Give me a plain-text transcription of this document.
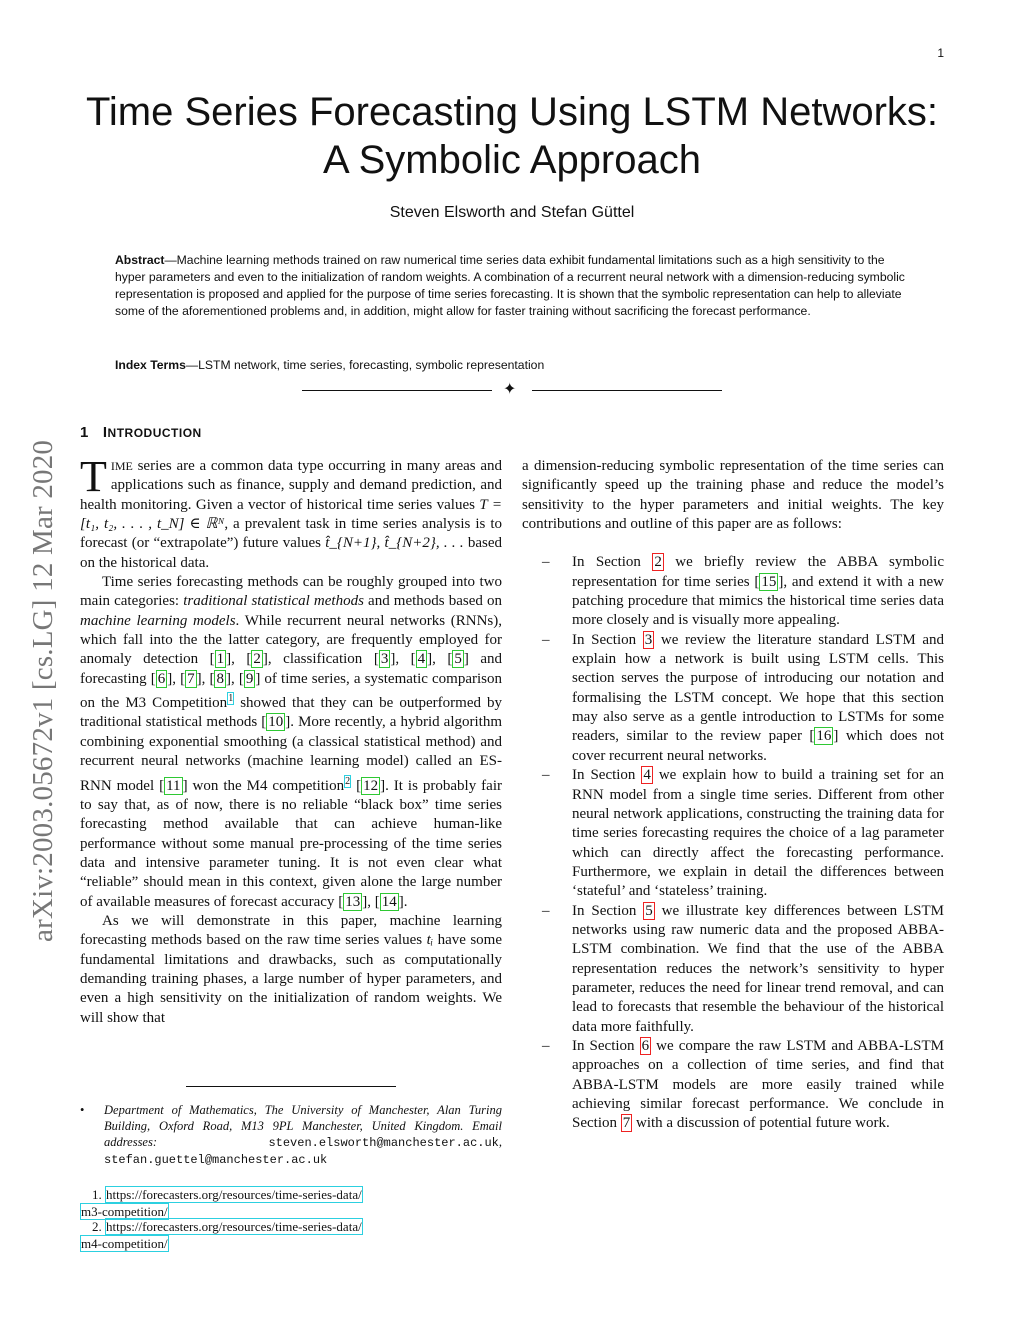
1
Time Series Forecasting Using LSTM Networks:
A Symbolic Approach
Steven Elsworth and Stefan Güttel
Abstract—Machine learning methods trained on raw numerical time series data exhibit fundamental limitations such as a high sensitivity to the hyper parameters and even to the initialization of random weights. A combination of a recurrent neural network with a dimension-reducing symbolic representation is proposed and applied for the purpose of time series forecasting. It is shown that the symbolic representation can help to alleviate some of the aforementioned problems and, in addition, might allow for faster training without sacrificing the forecast performance.
Index Terms—LSTM network, time series, forecasting, symbolic representation
✦
arXiv:2003.05672v1 [cs.LG] 12 Mar 2020
1 INTRODUCTION

TIME series are a common data type occurring in many areas and applications such as finance, supply and demand prediction, and health monitoring. Given a vector of historical time series values T = [t₁, t₂, . . . , t_N] ∈ ℝᴺ, a prevalent task in time series analysis is to forecast (or “extrapolate”) future values t̂_{N+1}, t̂_{N+2}, . . . based on the historical data.

Time series forecasting methods can be roughly grouped into two main categories: traditional statistical methods and methods based on machine learning models. While recurrent neural networks (RNNs), which fall into the the latter category, are frequently employed for anomaly detection [ 1 ], [ 2 ], classification [ 3 ], [ 4 ], [ 5 ] and forecasting [ 6 ], [ 7 ], [ 8 ], [ 9 ] of time series, a systematic comparison on the M3 Competition$^1$ showed that they can be outperformed by traditional statistical methods [ 10 ]. More recently, a hybrid algorithm combining exponential smoothing (a classical statistical method) and recurrent neural networks (machine learning model) called an ES-RNN model [ 11 ] won the M4 competition$^2$ [ 12 ]. It is probably fair to say that, as of now, there is no reliable “black box” time series forecasting method available that can achieve human-like performance without some manual pre-processing of the time series data and intensive parameter tuning. It is not even clear what “reliable” should mean in this context, given alone the large number of available measures of forecast accuracy [ 13 ], [ 14 ].

As we will demonstrate in this paper, machine learning forecasting methods based on the raw time series values tᵢ have some fundamental limitations and drawbacks, such as computationally demanding training phases, a large number of hyper parameters, and even a high sensitivity on the initialization of random weights. We will show that

a dimension-reducing symbolic representation of the time series can significantly speed up the training phase and reduce the model’s sensitivity to the hyper parameters and initial weights. The key contributions and outline of this paper are as follows:

– In Section 2 we briefly review the ABBA symbolic representation for time series [ 15 ], and extend it with a new patching procedure that mimics the historical time series data more closely and is visually more appealing.
– In Section 3 we review the literature standard LSTM and explain how a network is built using LSTM cells. This section serves the purpose of introducing our notation and formalising the LSTM concept. We hope that this section may also serve as a gentle introduction to LSTMs for some readers, similar to the review paper [ 16 ] which does not cover recurrent neural networks.
– In Section 4 we explain how to build a training set for an RNN model from a single time series. Different from other neural network applications, constructing the training data for time series forecasting requires the choice of a lag parameter which can directly affect the forecasting performance. Furthermore, we explain in detail the differences between ‘stateful’ and ‘stateless’ training.
– In Section 5 we illustrate key differences between LSTM networks using raw numeric data and the proposed ABBA-LSTM combination. We find that the use of the ABBA representation reduces the network’s sensitivity to hyper parameter, reduces the need for linear trend removal, and can lead to forecasts that resemble the behaviour of the historical data more faithfully.
– In Section 6 we compare the raw LSTM and ABBA-LSTM approaches on a collection of time series, and find that ABBA-LSTM models are more easily trained while achieving similar forecast performance. We conclude in Section 7 with a discussion of potential future work.
• Department of Mathematics, The University of Manchester, Alan Turing Building, Oxford Road, M13 9PL Manchester, United Kingdom. Email addresses: steven.elsworth@manchester.ac.uk, stefan.guettel@manchester.ac.uk
1. https://forecasters.org/resources/time-series-data/
m3-competition/
2. https://forecasters.org/resources/time-series-data/
m4-competition/
